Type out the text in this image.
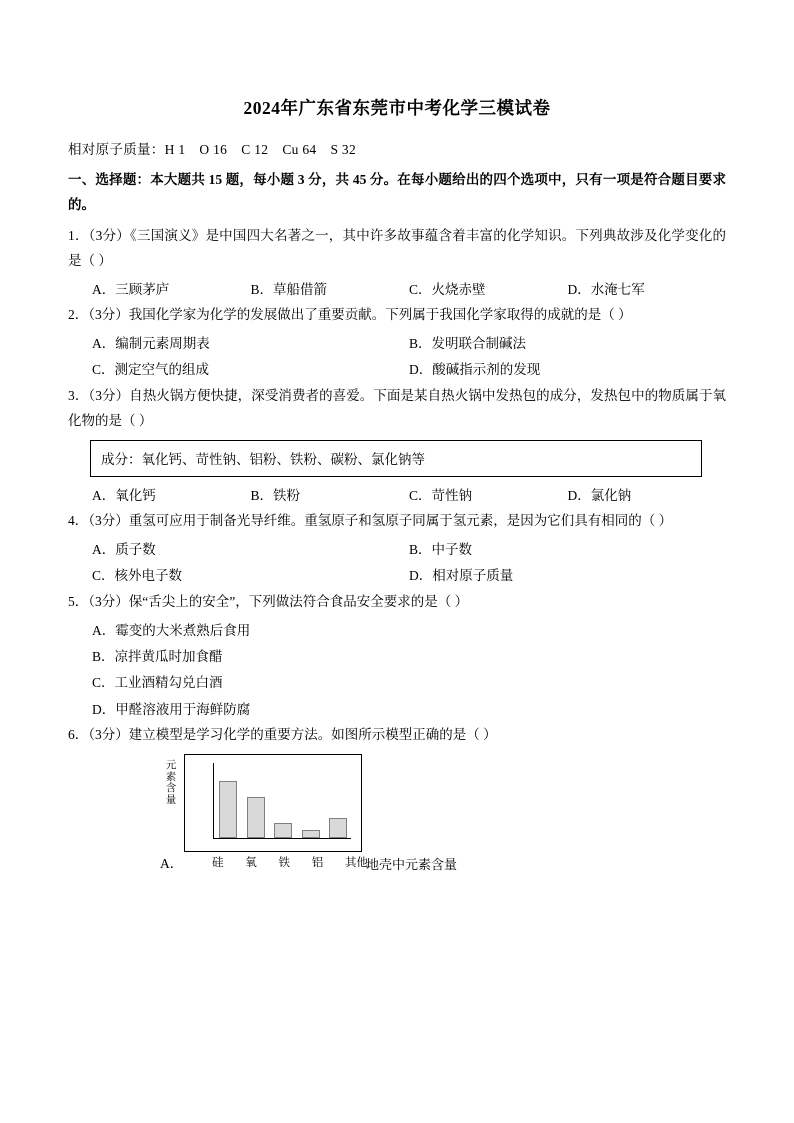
2024年广东省东莞市中考化学三模试卷
相对原子质量：H 1 O 16 C 12 Cu 64 S 32
一、选择题：本大题共 15 题，每小题 3 分，共 45 分。在每小题给出的四个选项中，只有一项是符合题目要求的。
1．（3分）《三国演义》是中国四大名著之一，其中许多故事蕴含着丰富的化学知识。下列典故涉及化学变化的是（ ）
A．三顾茅庐	B．草船借箭	C．火烧赤壁	D．水淹七军
2．（3分）我国化学家为化学的发展做出了重要贡献。下列属于我国化学家取得的成就的是（ ）
A．编制元素周期表	B．发明联合制碱法
C．测定空气的组成	D．酸碱指示剂的发现
3．（3分）自热火锅方便快捷，深受消费者的喜爱。下面是某自热火锅中发热包的成分，发热包中的物质属于氧化物的是（ ）
成分：氧化钙、苛性钠、铝粉、铁粉、碳粉、氯化钠等
A．氧化钙	B．铁粉	C．苛性钠	D．氯化钠
4．（3分）重氢可应用于制备光导纤维。重氢原子和氢原子同属于氢元素，是因为它们具有相同的（ ）
A．质子数	B．中子数
C．核外电子数	D．相对原子质量
5．（3分）保“舌尖上的安全”，下列做法符合食品安全要求的是（ ）
A．霉变的大米煮熟后食用
B．凉拌黄瓜时加食醋
C．工业酒精勾兑白酒
D．甲醛溶液用于海鲜防腐
6．（3分）建立模型是学习化学的重要方法。如图所示模型正确的是（ ）
元素含量
硅 氧 铁 铝 其他
地壳中元素含量
A．
